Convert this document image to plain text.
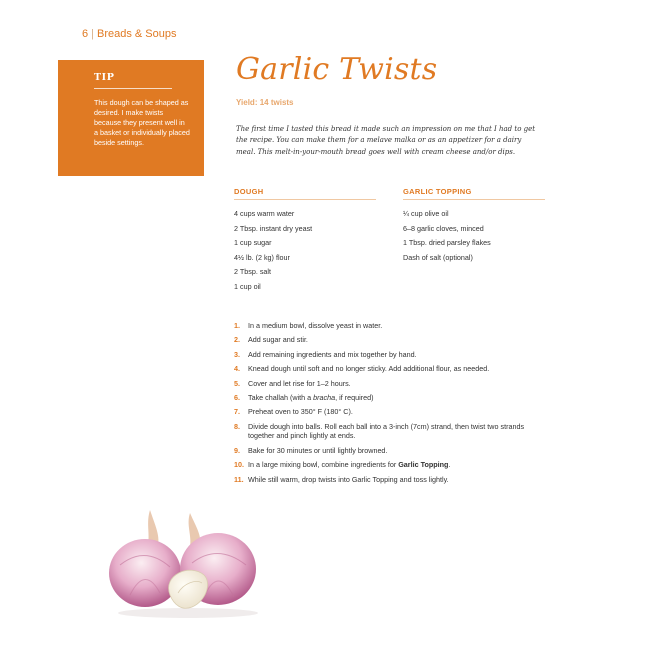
6 | Breads & Soups
TIP
This dough can be shaped as desired. I make twists because they present well in a basket or individually placed beside settings.
Garlic Twists
Yield: 14 twists
The first time I tasted this bread it made such an impression on me that I had to get the recipe. You can make them for a melave malka or as an appetizer for a dairy meal. This melt-in-your-mouth bread goes well with cream cheese and/or dips.
DOUGH
4 cups warm water
2 Tbsp. instant dry yeast
1 cup sugar
4½ lb. (2 kg) flour
2 Tbsp. salt
1 cup oil
GARLIC TOPPING
¼ cup olive oil
6–8 garlic cloves, minced
1 Tbsp. dried parsley flakes
Dash of salt (optional)
1.	In a medium bowl, dissolve yeast in water.
2.	Add sugar and stir.
3.	Add remaining ingredients and mix together by hand.
4.	Knead dough until soft and no longer sticky. Add additional flour, as needed.
5.	Cover and let rise for 1–2 hours.
6.	Take challah (with a bracha, if required)
7.	Preheat oven to 350° F (180° C).
8.	Divide dough into balls. Roll each ball into a 3-inch (7cm) strand, then twist two strands together and pinch lightly at ends.
9.	Bake for 30 minutes or until lightly browned.
10. In a large mixing bowl, combine ingredients for Garlic Topping.
11. While still warm, drop twists into Garlic Topping and toss lightly.
